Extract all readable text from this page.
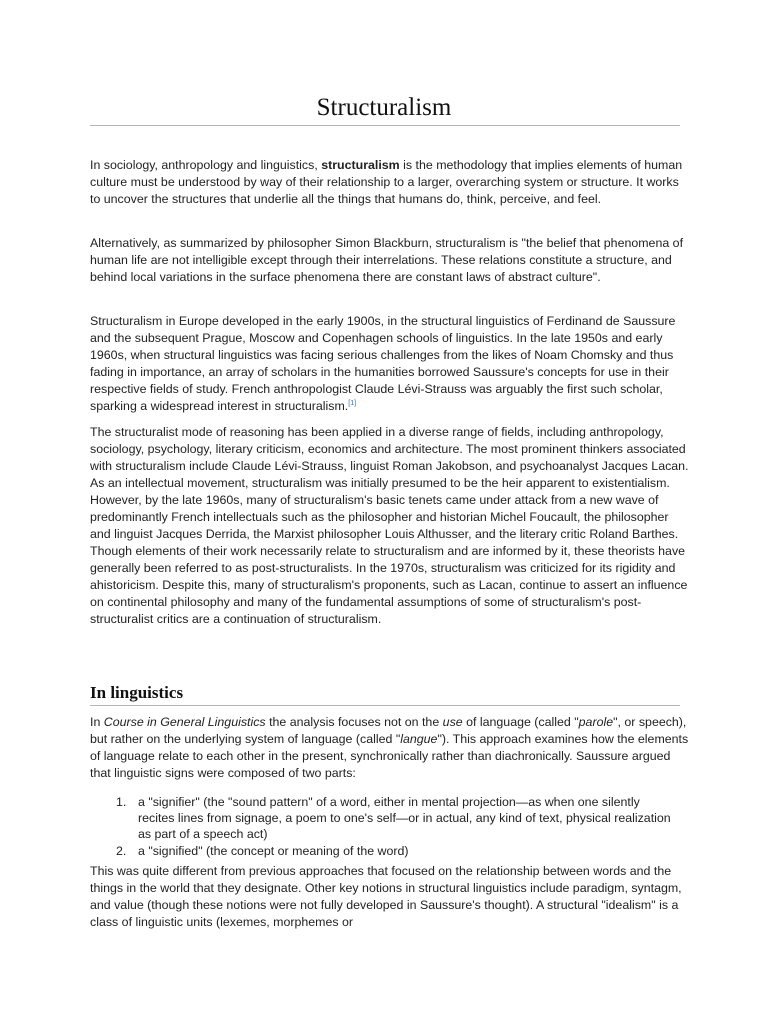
Structuralism

In sociology, anthropology and linguistics, structuralism is the methodology that implies elements of human culture must be understood by way of their relationship to a larger, overarching system or structure. It works to uncover the structures that underlie all the things that humans do, think, perceive, and feel.

Alternatively, as summarized by philosopher Simon Blackburn, structuralism is "the belief that phenomena of human life are not intelligible except through their interrelations. These relations constitute a structure, and behind local variations in the surface phenomena there are constant laws of abstract culture".

Structuralism in Europe developed in the early 1900s, in the structural linguistics of Ferdinand de Saussure and the subsequent Prague, Moscow and Copenhagen schools of linguistics. In the late 1950s and early 1960s, when structural linguistics was facing serious challenges from the likes of Noam Chomsky and thus fading in importance, an array of scholars in the humanities borrowed Saussure's concepts for use in their respective fields of study. French anthropologist Claude Lévi-Strauss was arguably the first such scholar, sparking a widespread interest in structuralism.[1]

The structuralist mode of reasoning has been applied in a diverse range of fields, including anthropology, sociology, psychology, literary criticism, economics and architecture. The most prominent thinkers associated with structuralism include Claude Lévi-Strauss, linguist Roman Jakobson, and psychoanalyst Jacques Lacan. As an intellectual movement, structuralism was initially presumed to be the heir apparent to existentialism. However, by the late 1960s, many of structuralism's basic tenets came under attack from a new wave of predominantly French intellectuals such as the philosopher and historian Michel Foucault, the philosopher and linguist Jacques Derrida, the Marxist philosopher Louis Althusser, and the literary critic Roland Barthes. Though elements of their work necessarily relate to structuralism and are informed by it, these theorists have generally been referred to as post-structuralists. In the 1970s, structuralism was criticized for its rigidity and ahistoricism. Despite this, many of structuralism's proponents, such as Lacan, continue to assert an influence on continental philosophy and many of the fundamental assumptions of some of structuralism's post-structuralist critics are a continuation of structuralism.

In linguistics

In Course in General Linguistics the analysis focuses not on the use of language (called "parole", or speech), but rather on the underlying system of language (called "langue"). This approach examines how the elements of language relate to each other in the present, synchronically rather than diachronically. Saussure argued that linguistic signs were composed of two parts:

1. a "signifier" (the "sound pattern" of a word, either in mental projection—as when one silently recites lines from signage, a poem to one's self—or in actual, any kind of text, physical realization as part of a speech act)
2. a "signified" (the concept or meaning of the word)

This was quite different from previous approaches that focused on the relationship between words and the things in the world that they designate. Other key notions in structural linguistics include paradigm, syntagm, and value (though these notions were not fully developed in Saussure's thought). A structural "idealism" is a class of linguistic units (lexemes, morphemes or
